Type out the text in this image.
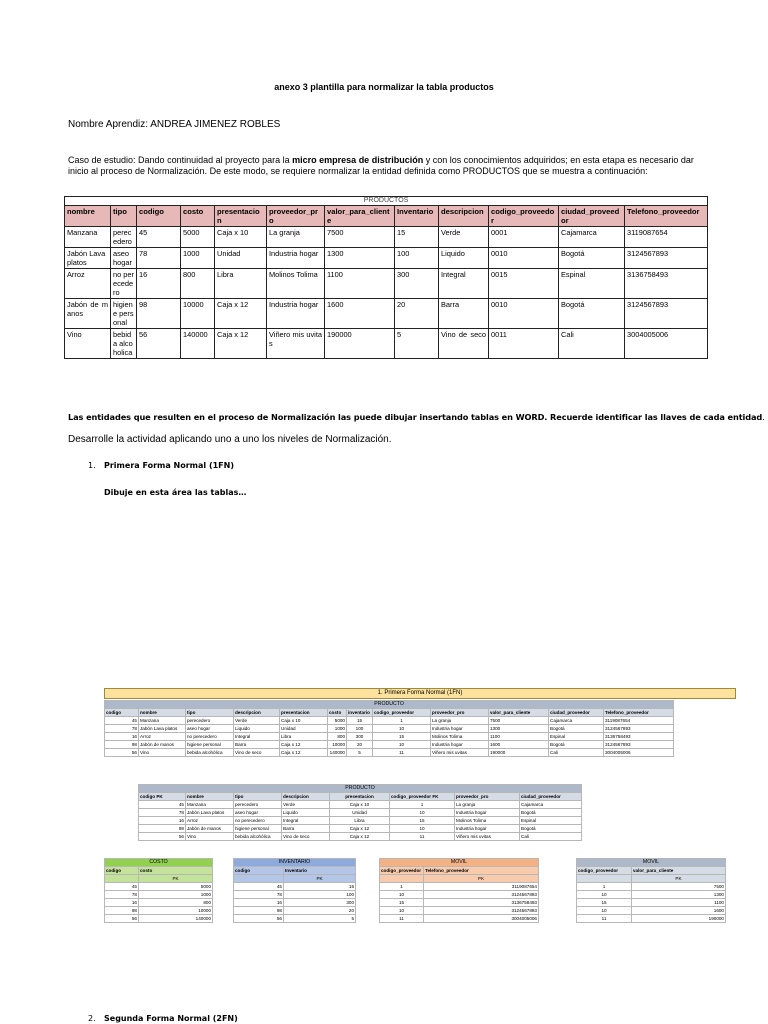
anexo 3 plantilla para normalizar la tabla productos
Nombre Aprendiz: ANDREA JIMENEZ ROBLES
Caso de estudio: Dando continuidad al proyecto para la micro empresa de distribución y con los conocimientos adquiridos; en esta etapa es necesario dar inicio al proceso de Normalización. De este modo, se requiere normalizar la entidad definida como PRODUCTOS que se muestra a continuación:
PRODUCTOS											
nombre	tipo	codigo	costo	presentacion	proveedor_pro	valor_para_cliente	Inventario	descripcion	codigo_proveedor	ciudad_proveedor	Telefono_proveedor
Manzana	perecedero	45	5000	Caja x 10	La granja	7500	15	Verde	0001	Cajamarca	3119087654
Jabón Lava platos	aseo hogar	78	1000	Unidad	Industria hogar	1300	100	Liquido	0010	Bogotá	3124567893
Arroz	no perecedero	16	800	Libra	Molinos Tolima	1100	300	Integral	0015	Espinal	3136758493
Jabón de manos	higiene personal	98	10000	Caja x 12	Industria hogar	1600	20	Barra	0010	Bogotá	3124567893
Vino	bebida alcoholica	56	140000	Caja x 12	Viñero mis uvitas	190000	5	Vino de seco	0011	Cali	3004005006
Las entidades que resulten en el proceso de Normalización las puede dibujar insertando tablas en WORD. Recuerde identificar las llaves de cada entidad.
Desarrolle la actividad aplicando uno a uno los niveles de Normalización.
1. Primera Forma Normal (1FN)
Dibuje en esta área las tablas…
1. Primera Forma Normal (1FN)
PRODUCTO											
codigo	nombre	tipo	descripcion	presentacion	costo	inventario	codigo_proveedor	proveedor_pro	valor_para_cliente	ciudad_proveedor	Telefono_proveedor
45	Manzana	perecedero	Verde	Caja x 10	5000	15	1	La granja	7500	Cajamarca	3119087654
78	Jabón Lava platos	aseo hogar	Liquido	Unidad	1000	100	10	Industria hogar	1300	Bogotá	3124567893
16	Arroz	no perecedero	Integral	Libra	800	300	15	Molinos Tolima	1100	Espinal	3136758493
98	Jabón de manos	higiene personal	Barra	Caja x 12	10000	20	10	Industria hogar	1600	Bogotá	3124567893
56	Vino	bebida alcohólica	Vino de seco	Caja x 12	140000	5	11	Viñero mis uvitas	190000	Cali	3004005006
PRODUCTO							
codigo PK	nombre	tipo	descripcion	presentacion	codigo_proveedor FK	proveedor_pro	ciudad_proveedor
45	Manzana	perecedero	Verde	Caja x 10	1	La granja	Cajamarca
78	Jabón Lava platos	aseo hogar	Liquido	Unidad	10	Industria hogar	Bogotá
16	Arroz	no perecedero	Integral	Libra	15	Molinos Tolima	Espinal
98	Jabón de manos	higiene personal	Barra	Caja x 12	10	Industria hogar	Bogotá
56	Vino	bebida alcohólica	Vino de seco	Caja x 12	11	Viñero mis uvitas	Cali
COSTO	
codigo	costo
	PK
45	5000
78	1000
16	800
98	10000
56	140000
INVENTARIO	
codigo	Inventario
	PK
45	15
78	100
16	300
98	20
56	5
MOVIL	
codigo_proveedor	Telefono_proveedor
	PK
1	3119087654
10	3124567893
15	3136758493
10	3124567893
11	3004005006
MOVIL	
codigo_proveedor	valor_para_cliente
	PK
1	7500
10	1300
15	1100
10	1600
11	190000
2. Segunda Forma Normal (2FN)
